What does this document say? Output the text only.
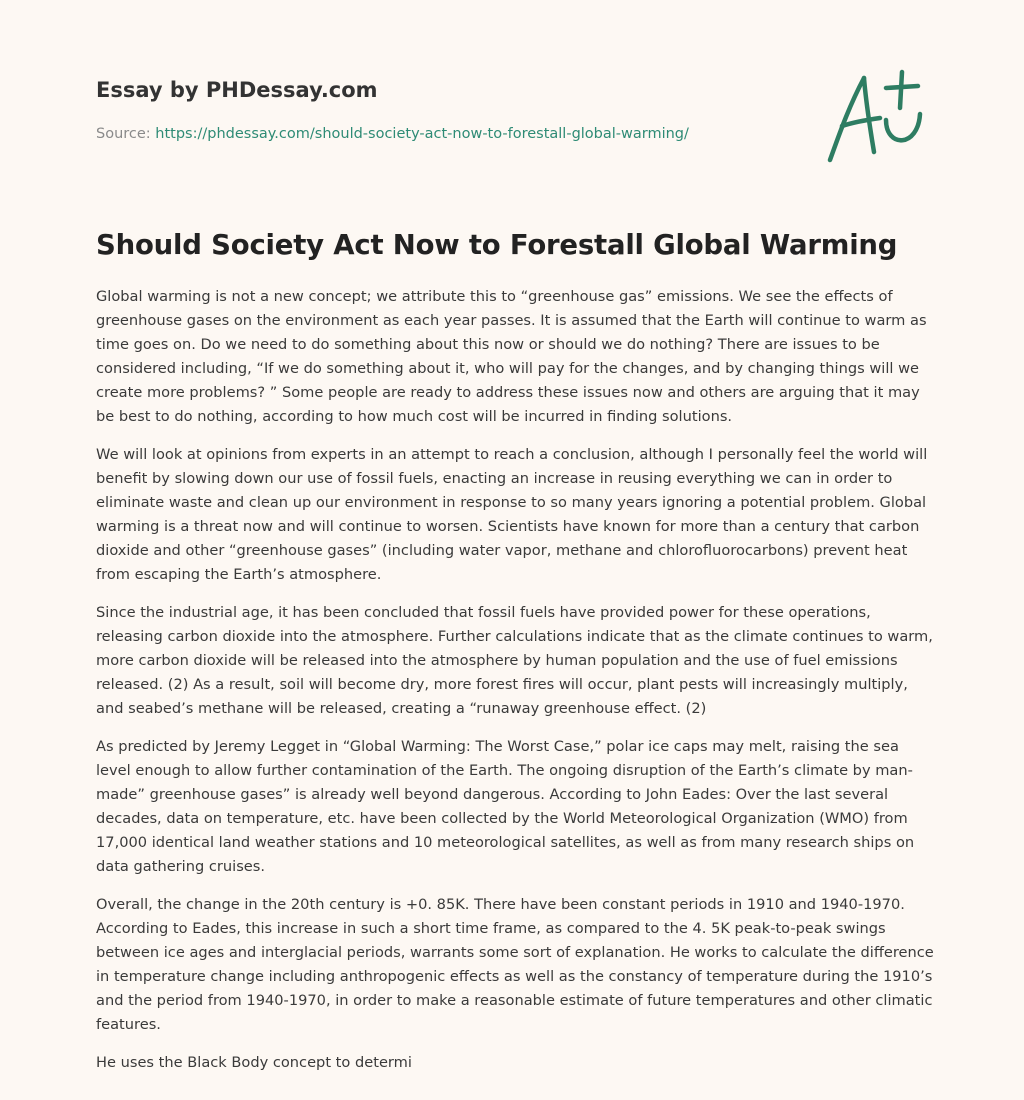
Essay by PHDessay.com
Source: https://phdessay.com/should-society-act-now-to-forestall-global-warming/
Should Society Act Now to Forestall Global Warming

Global warming is not a new concept; we attribute this to “greenhouse gas” emissions. We see the effects of greenhouse gases on the environment as each year passes. It is assumed that the Earth will continue to warm as time goes on. Do we need to do something about this now or should we do nothing? There are issues to be considered including, “If we do something about it, who will pay for the changes, and by changing things will we create more problems? ” Some people are ready to address these issues now and others are arguing that it may be best to do nothing, according to how much cost will be incurred in finding solutions.

We will look at opinions from experts in an attempt to reach a conclusion, although I personally feel the world will benefit by slowing down our use of fossil fuels, enacting an increase in reusing everything we can in order to eliminate waste and clean up our environment in response to so many years ignoring a potential problem. Global warming is a threat now and will continue to worsen. Scientists have known for more than a century that carbon dioxide and other “greenhouse gases” (including water vapor, methane and chlorofluorocarbons) prevent heat from escaping the Earth’s atmosphere.

Since the industrial age, it has been concluded that fossil fuels have provided power for these operations, releasing carbon dioxide into the atmosphere. Further calculations indicate that as the climate continues to warm, more carbon dioxide will be released into the atmosphere by human population and the use of fuel emissions released. (2) As a result, soil will become dry, more forest fires will occur, plant pests will increasingly multiply, and seabed’s methane will be released, creating a “runaway greenhouse effect. (2)

As predicted by Jeremy Legget in “Global Warming: The Worst Case,” polar ice caps may melt, raising the sea level enough to allow further contamination of the Earth. The ongoing disruption of the Earth’s climate by man-made” greenhouse gases” is already well beyond dangerous. According to John Eades: Over the last several decades, data on temperature, etc. have been collected by the World Meteorological Organization (WMO) from 17,000 identical land weather stations and 10 meteorological satellites, as well as from many research ships on data gathering cruises.

Overall, the change in the 20th century is +0. 85K. There have been constant periods in 1910 and 1940-1970. According to Eades, this increase in such a short time frame, as compared to the 4. 5K peak-to-peak swings between ice ages and interglacial periods, warrants some sort of explanation. He works to calculate the difference in temperature change including anthropogenic effects as well as the constancy of temperature during the 1910’s and the period from 1940-1970, in order to make a reasonable estimate of future temperatures and other climatic features.

He uses the Black Body concept to determi
